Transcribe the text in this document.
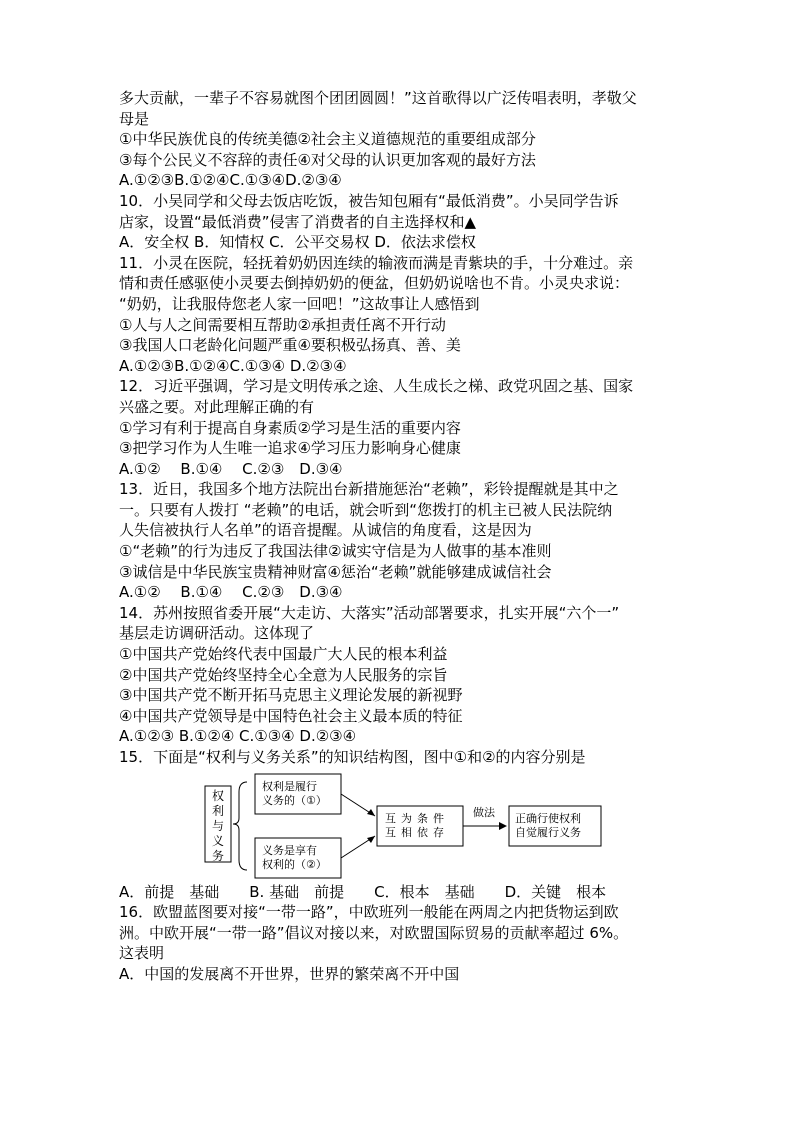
多大贡献，一辈子不容易就图个团团圆圆！”这首歌得以广泛传唱表明，孝敬父
母是
①中华民族优良的传统美德②社会主义道德规范的重要组成部分
③每个公民义不容辞的责任④对父母的认识更加客观的最好方法
A.①②③B.①②④C.①③④D.②③④
10．小吴同学和父母去饭店吃饭，被告知包厢有“最低消费”。小吴同学告诉
店家，设置“最低消费”侵害了消费者的自主选择权和▲
A．安全权 B．知情权 C．公平交易权 D．依法求偿权
11．小灵在医院，轻抚着奶奶因连续的输液而满是青紫块的手，十分难过。亲
情和责任感驱使小灵要去倒掉奶奶的便盆，但奶奶说啥也不肯。小灵央求说：
“奶奶，让我服侍您老人家一回吧！”这故事让人感悟到
①人与人之间需要相互帮助②承担责任离不开行动
③我国人口老龄化问题严重④要积极弘扬真、善、美
A.①②③B.①②④C.①③④ D.②③④
12．习近平强调，学习是文明传承之途、人生成长之梯、政党巩固之基、国家
兴盛之要。对此理解正确的有
①学习有利于提高自身素质②学习是生活的重要内容
③把学习作为人生唯一追求④学习压力影响身心健康
A.①②　 B.①④　 C.②③　D.③④
13．近日，我国多个地方法院出台新措施惩治“老赖”，彩铃提醒就是其中之
一。只要有人拨打 “老赖”的电话，就会听到“您拨打的机主已被人民法院纳
人失信被执行人名单”的语音提醒。从诚信的角度看，这是因为
①“老赖”的行为违反了我国法律②诚实守信是为人做事的基本准则
③诚信是中华民族宝贵精神财富④惩治“老赖”就能够建成诚信社会
A.①②　 B.①④　 C.②③　D.③④
14．苏州按照省委开展“大走访、大落实”活动部署要求，扎实开展“六个一”
基层走访调研活动。这体现了
①中国共产党始终代表中国最广大人民的根本利益
②中国共产党始终坚持全心全意为人民服务的宗旨
③中国共产党不断开拓马克思主义理论发展的新视野
④中国共产党领导是中国特色社会主义最本质的特征
A.①②③ B.①②④ C.①③④ D.②③④
15．下面是“权利与义务关系”的知识结构图，图中①和②的内容分别是
权
利
与
义
务
权利是履行
义务的（①）
义务是享有
权利的（②）
互为条件
互相依存
做法 正确行使权利
自觉履行义务
A．前提　基础　　B. 基础　前提　　C．根本　基础　　D．关键　根本
16．欧盟蓝图要对接“一带一路”，中欧班列一般能在两周之内把货物运到欧
洲。中欧开展“一带一路”倡议对接以来，对欧盟国际贸易的贡献率超过 6%。
这表明
A．中国的发展离不开世界，世界的繁荣离不开中国
